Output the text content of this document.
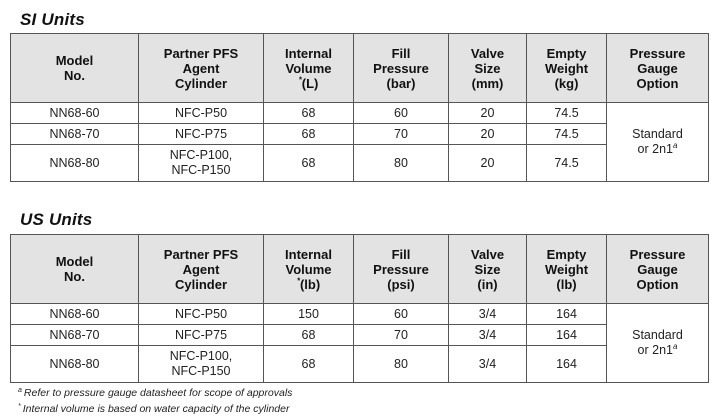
SI Units
Model
No.	Partner PFS
Agent
Cylinder	Internal
Volume
*(L)	Fill
Pressure
(bar)	Valve
Size
(mm)	Empty
Weight
(kg)	Pressure
Gauge
Option

NN68-60	NFC-P50	68	60	20	74.5	Standard
or 2n1$^a$

NN68-70	NFC-P75	68	70	20	74.5	
NN68-80	NFC-P100,
NFC-P150	68	80	20	74.5	
US Units
Model
No.	Partner PFS
Agent
Cylinder	Internal
Volume
*(lb)	Fill
Pressure
(psi)	Valve
Size
(in)	Empty
Weight
(lb)	Pressure
Gauge
Option

NN68-60	NFC-P50	150	60	3/4	164	Standard
or 2n1$^a$

NN68-70	NFC-P75	68	70	3/4	164	
NN68-80	NFC-P100,
NFC-P150	68	80	3/4	164	
$^a$ Refer to pressure gauge datasheet for scope of approvals
* Internal volume is based on water capacity of the cylinder
